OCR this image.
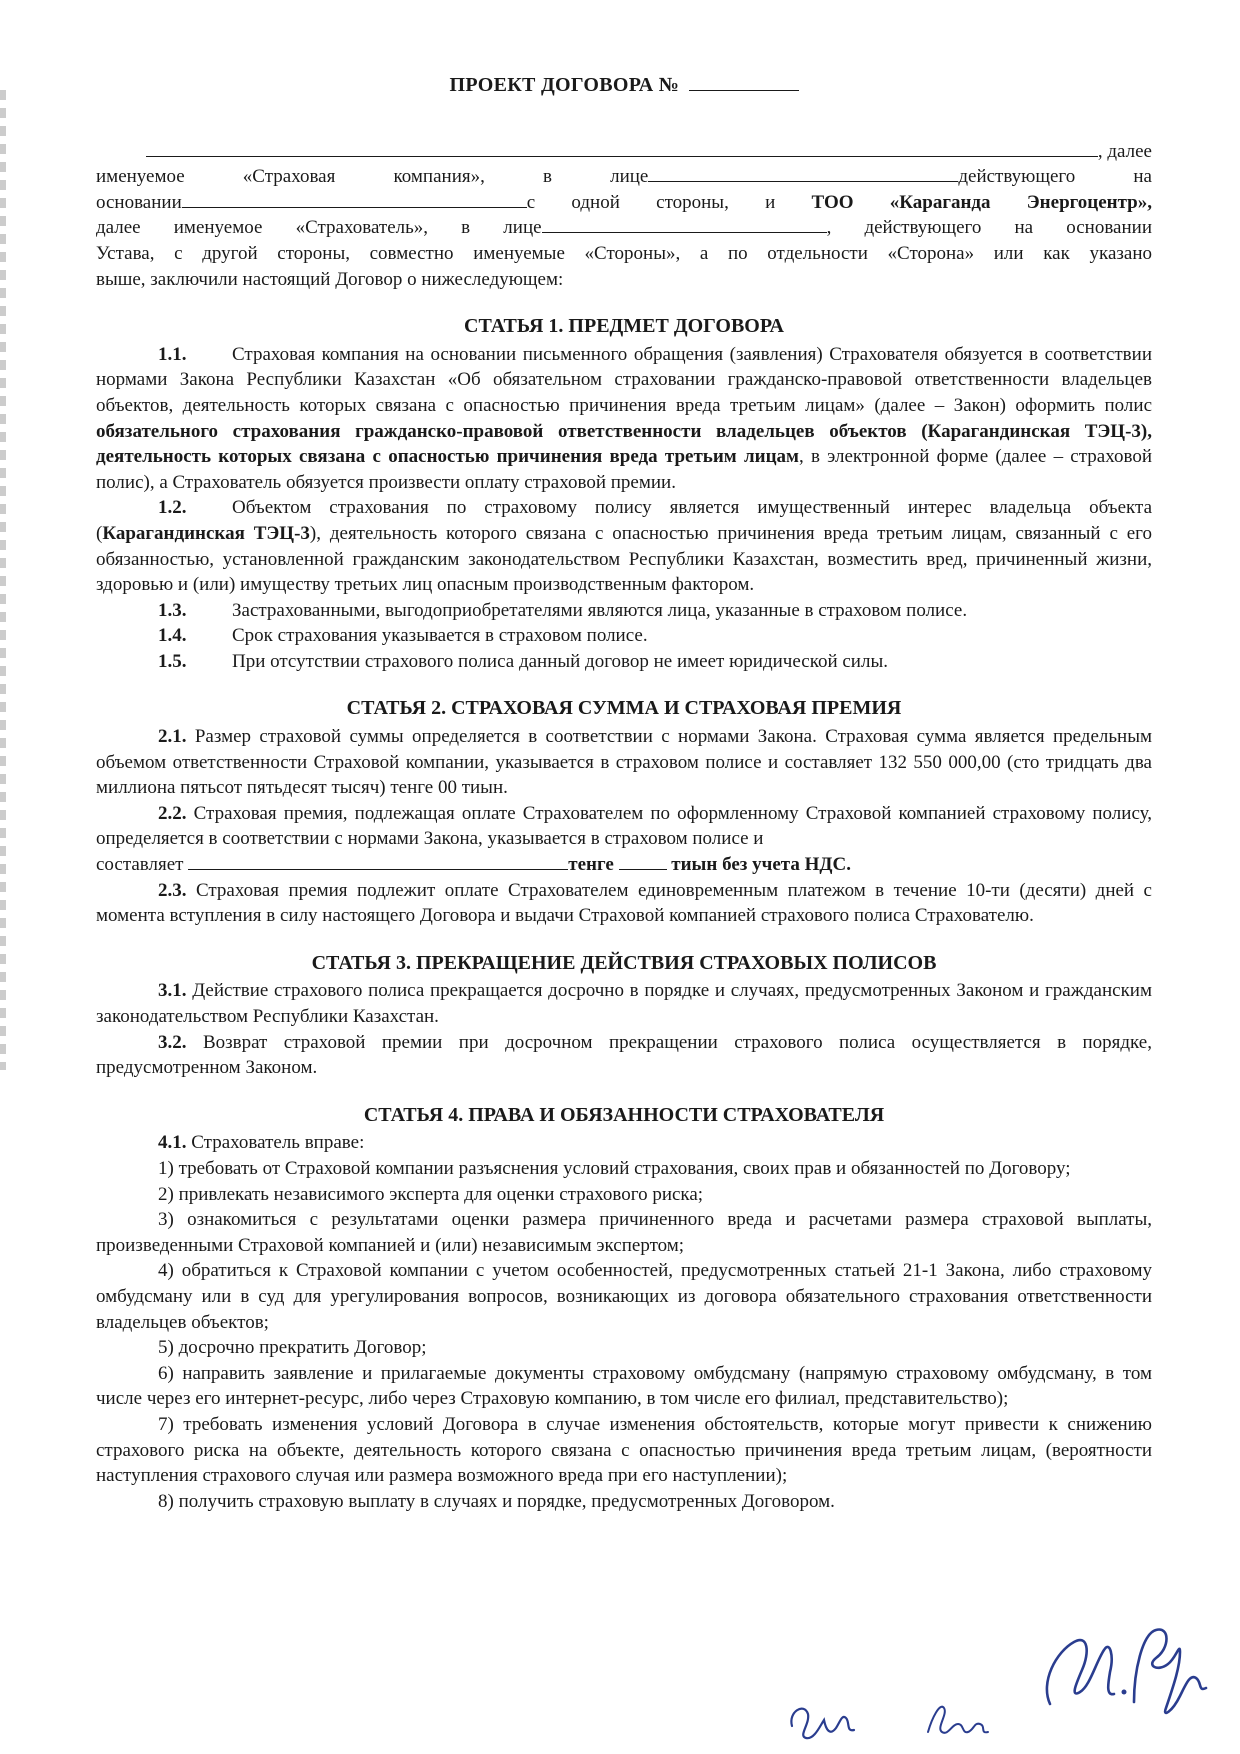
ПРОЕКТ ДОГОВОРА №
, далее
именуемое «Страховая компания», в лице	действующего на
основании	с одной стороны, и ТОО «Караганда Энергоцентр»,
далее именуемое «Страхователь», в лице	, действующего на основании
Устава, с другой стороны, совместно именуемые «Стороны», а по отдельности «Сторона» или как указано
выше, заключили настоящий Договор о нижеследующем:
СТАТЬЯ 1. ПРЕДМЕТ ДОГОВОРА

1.1. Страховая компания на основании письменного обращения (заявления) Страхователя обязуется в соответствии нормами Закона Республики Казахстан «Об обязательном страховании гражданско-правовой ответственности владельцев объектов, деятельность которых связана с опасностью причинения вреда третьим лицам» (далее – Закон) оформить полис обязательного страхования гражданско-правовой ответственности владельцев объектов (Карагандинская ТЭЦ-3), деятельность которых связана с опасностью причинения вреда третьим лицам, в электронной форме (далее – страховой полис), а Страхователь обязуется произвести оплату страховой премии.

1.2. Объектом страхования по страховому полису является имущественный интерес владельца объекта (Карагандинская ТЭЦ-3), деятельность которого связана с опасностью причинения вреда третьим лицам, связанный с его обязанностью, установленной гражданским законодательством Республики Казахстан, возместить вред, причиненный жизни, здоровью и (или) имуществу третьих лиц опасным производственным фактором.

1.3. Застрахованными, выгодоприобретателями являются лица, указанные в страховом полисе.

1.4. Срок страхования указывается в страховом полисе.

1.5. При отсутствии страхового полиса данный договор не имеет юридической силы.

СТАТЬЯ 2. СТРАХОВАЯ СУММА И СТРАХОВАЯ ПРЕМИЯ

2.1. Размер страховой суммы определяется в соответствии с нормами Закона. Страховая сумма является предельным объемом ответственности Страховой компании, указывается в страховом полисе и составляет 132 550 000,00 (сто тридцать два миллиона пятьсот пятьдесят тысяч) тенге 00 тиын.

2.2. Страховая премия, подлежащая оплате Страхователем по оформленному Страховой компанией страховому полису, определяется в соответствии с нормами Закона, указывается в страховом полисе и

составляет	тенге	тиын без учета НДС.

2.3. Страховая премия подлежит оплате Страхователем единовременным платежом в течение 10-ти (десяти) дней с момента вступления в силу настоящего Договора и выдачи Страховой компанией страхового полиса Страхователю.

СТАТЬЯ 3. ПРЕКРАЩЕНИЕ ДЕЙСТВИЯ СТРАХОВЫХ ПОЛИСОВ

3.1. Действие страхового полиса прекращается досрочно в порядке и случаях, предусмотренных Законом и гражданским законодательством Республики Казахстан.

3.2. Возврат страховой премии при досрочном прекращении страхового полиса осуществляется в порядке, предусмотренном Законом.

СТАТЬЯ 4. ПРАВА И ОБЯЗАННОСТИ СТРАХОВАТЕЛЯ

4.1. Страхователь вправе:

1) требовать от Страховой компании разъяснения условий страхования, своих прав и обязанностей по Договору;

2) привлекать независимого эксперта для оценки страхового риска;

3) ознакомиться с результатами оценки размера причиненного вреда и расчетами размера страховой выплаты, произведенными Страховой компанией и (или) независимым экспертом;

4) обратиться к Страховой компании с учетом особенностей, предусмотренных статьей 21-1 Закона, либо страховому омбудсману или в суд для урегулирования вопросов, возникающих из договора обязательного страхования ответственности владельцев объектов;

5) досрочно прекратить Договор;

6) направить заявление и прилагаемые документы страховому омбудсману (напрямую страховому омбудсману, в том числе через его интернет-ресурс, либо через Страховую компанию, в том числе его филиал, представительство);

7) требовать изменения условий Договора в случае изменения обстоятельств, которые могут привести к снижению страхового риска на объекте, деятельность которого связана с опасностью причинения вреда третьим лицам, (вероятности наступления страхового случая или размера возможного вреда при его наступлении);

8) получить страховую выплату в случаях и порядке, предусмотренных Договором.
